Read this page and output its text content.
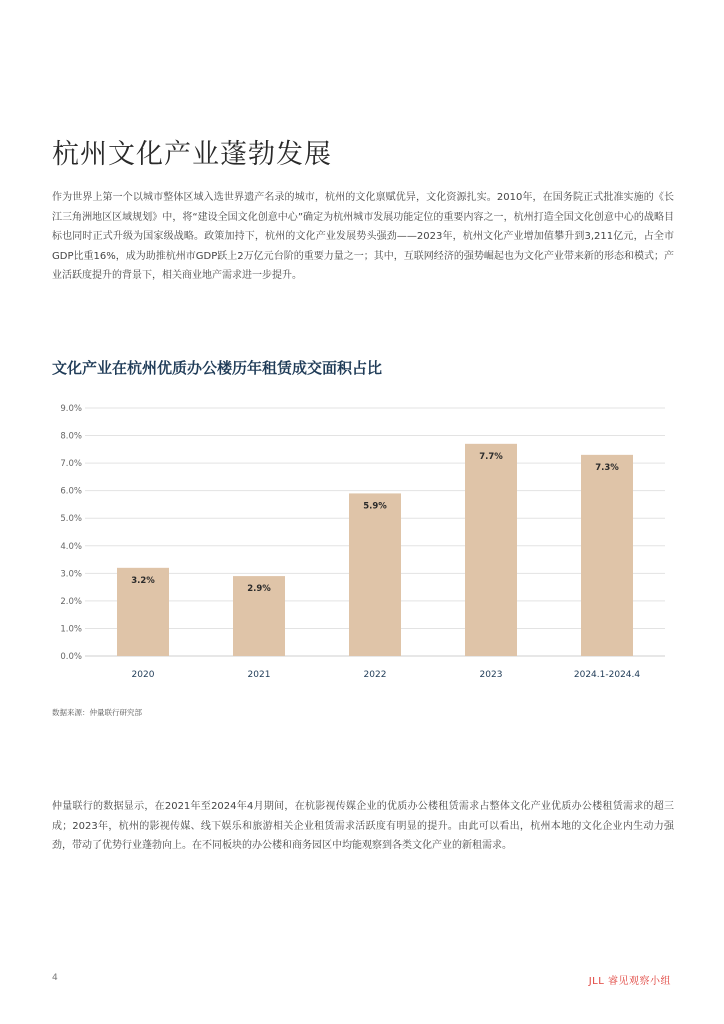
杭州文化产业蓬勃发展

作为世界上第一个以城市整体区域入选世界遗产名录的城市，杭州的文化禀赋优异，文化资源扎实。2010年，在国务院正式批准实施的《长江三角洲地区区域规划》中，将“建设全国文化创意中心”确定为杭州城市发展功能定位的重要内容之一，杭州打造全国文化创意中心的战略目标也同时正式升级为国家级战略。政策加持下，杭州的文化产业发展势头强劲——2023年，杭州文化产业增加值攀升到3,211亿元，占全市GDP比重16%，成为助推杭州市GDP跃上2万亿元台阶的重要力量之一；其中，互联网经济的强势崛起也为文化产业带来新的形态和模式；产业活跃度提升的背景下，相关商业地产需求进一步提升。

文化产业在杭州优质办公楼历年租赁成交面积占比
0.0%
1.0%
2.0%
3.0%
4.0%
5.0%
6.0%
7.0%
8.0%
9.0%
3.2%
2020
2.9%
2021
5.9%
2022
7.7%
2023
7.3%
2024.1-2024.4
数据来源：仲量联行研究部

仲量联行的数据显示，在2021年至2024年4月期间，在杭影视传媒企业的优质办公楼租赁需求占整体文化产业优质办公楼租赁需求的超三成；2023年，杭州的影视传媒、线下娱乐和旅游相关企业租赁需求活跃度有明显的提升。由此可以看出，杭州本地的文化企业内生动力强劲，带动了优势行业蓬勃向上。在不同板块的办公楼和商务园区中均能观察到各类文化产业的新租需求。

4	JLL 睿见观察小组
